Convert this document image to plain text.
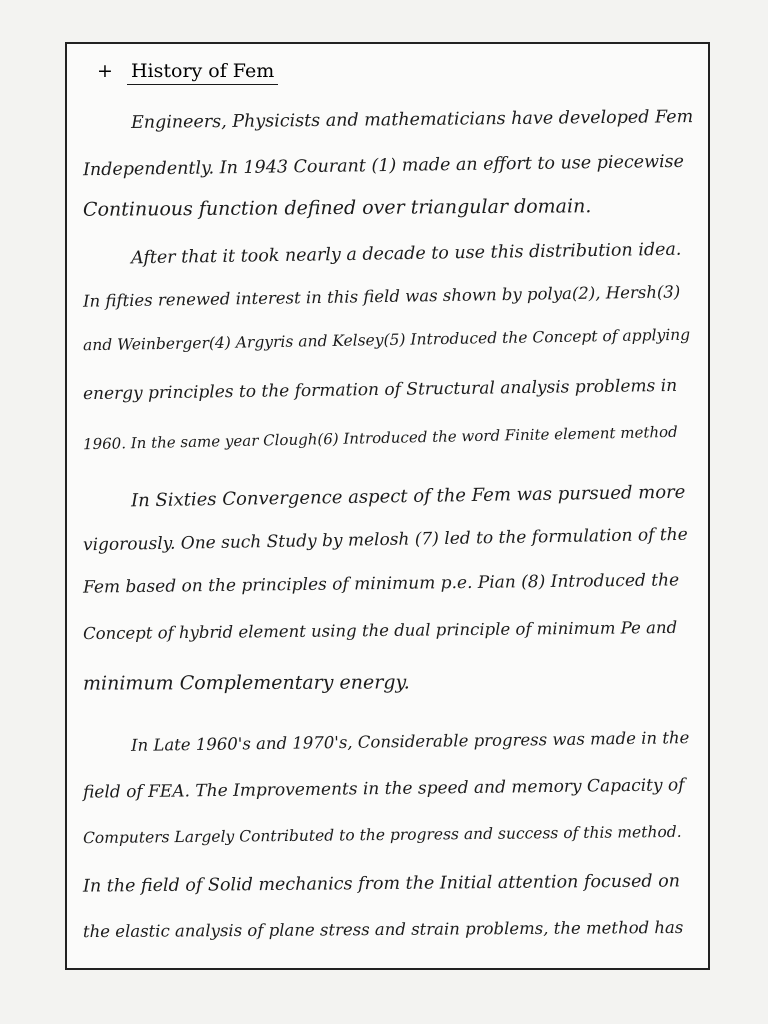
+ History of Fem
Engineers, Physicists and mathematicians have developed Fem
Independently. In 1943 Courant (1) made an effort to use piecewise
Continuous function defined over triangular domain.
After that it took nearly a decade to use this distribution idea.
In fifties renewed interest in this field was shown by polya(2), Hersh(3)
and Weinberger(4) Argyris and Kelsey(5) Introduced the Concept of applying
energy principles to the formation of Structural analysis problems in
1960. In the same year Clough(6) Introduced the word Finite element method
In Sixties Convergence aspect of the Fem was pursued more
vigorously. One such Study by melosh (7) led to the formulation of the
Fem based on the principles of minimum p.e. Pian (8) Introduced the
Concept of hybrid element using the dual principle of minimum Pe and
minimum Complementary energy.
In Late 1960's and 1970's, Considerable progress was made in the
field of FEA. The Improvements in the speed and memory Capacity of
Computers Largely Contributed to the progress and success of this method.
In the field of Solid mechanics from the Initial attention focused on
the elastic analysis of plane stress and strain problems, the method has
